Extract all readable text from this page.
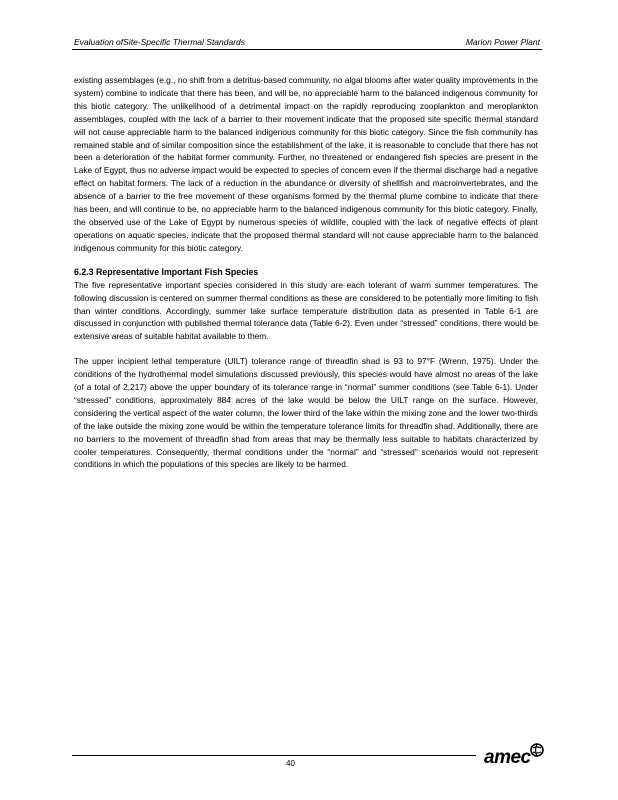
Evaluation ofSite-Specific Thermal Standards	Marion Power Plant

existing assemblages (e.g., no shift from a detritus-based community, no algal blooms after water quality improvements in the system) combine to indicate that there has been, and will be, no appreciable harm to the balanced indigenous community for this biotic category. The unlikelihood of a detrimental impact on the rapidly reproducing zooplankton and meroplankton assemblages, coupled with the lack of a barrier to their movement indicate that the proposed site specific thermal standard will not cause appreciable harm to the balanced indigenous community for this biotic category. Since the fish community has remained stable and of similar composition since the establishment of the lake, it is reasonable to conclude that there has not been a deterioration of the habitat former community. Further, no threatened or endangered fish species are present in the Lake of Egypt, thus no adverse impact would be expected to species of concern even if the thermal discharge had a negative effect on habitat formers. The lack of a reduction in the abundance or diversity of shellfish and macroinvertebrates, and the absence of a barrier to the free movement of these organisms formed by the thermal plume combine to indicate that there has been, and will continue to be, no appreciable harm to the balanced indigenous community for this biotic category. Finally, the observed use of the Lake of Egypt by numerous species of wildlife, coupled with the lack of negative effects of plant operations on aquatic species, indicate that the proposed thermal standard will not cause appreciable harm to the balanced indigenous community for this biotic category.

6.2.3 Representative Important Fish Species

The five representative important species considered in this study are each tolerant of warm summer temperatures. The following discussion is centered on summer thermal conditions as these are considered to be potentially more limiting to fish than winter conditions. Accordingly, summer lake surface temperature distribution data as presented in Table 6-1 are discussed in conjunction with published thermal tolerance data (Table 6-2). Even under “stressed” conditions, there would be extensive areas of suitable habitat available to them.

The upper incipient lethal temperature (UILT) tolerance range of threadfin shad is 93 to 97°F (Wrenn, 1975). Under the conditions of the hydrothermal model simulations discussed previously, this species would have almost no areas of the lake (of a total of 2,217) above the upper boundary of its tolerance range in “normal” summer conditions (see Table 6-1). Under “stressed” conditions, approximately 884 acres of the lake would be below the UILT range on the surface. However, considering the vertical aspect of the water column, the lower third of the lake within the mixing zone and the lower two-thirds of the lake outside the mixing zone would be within the temperature tolerance limits for threadfin shad. Additionally, there are no barriers to the movement of threadfin shad from areas that may be thermally less suitable to habitats characterized by cooler temperatures. Consequently, thermal conditions under the “normal” and “stressed” scenarios would not represent conditions in which the populations of this species are likely to be harmed.

40	amec
